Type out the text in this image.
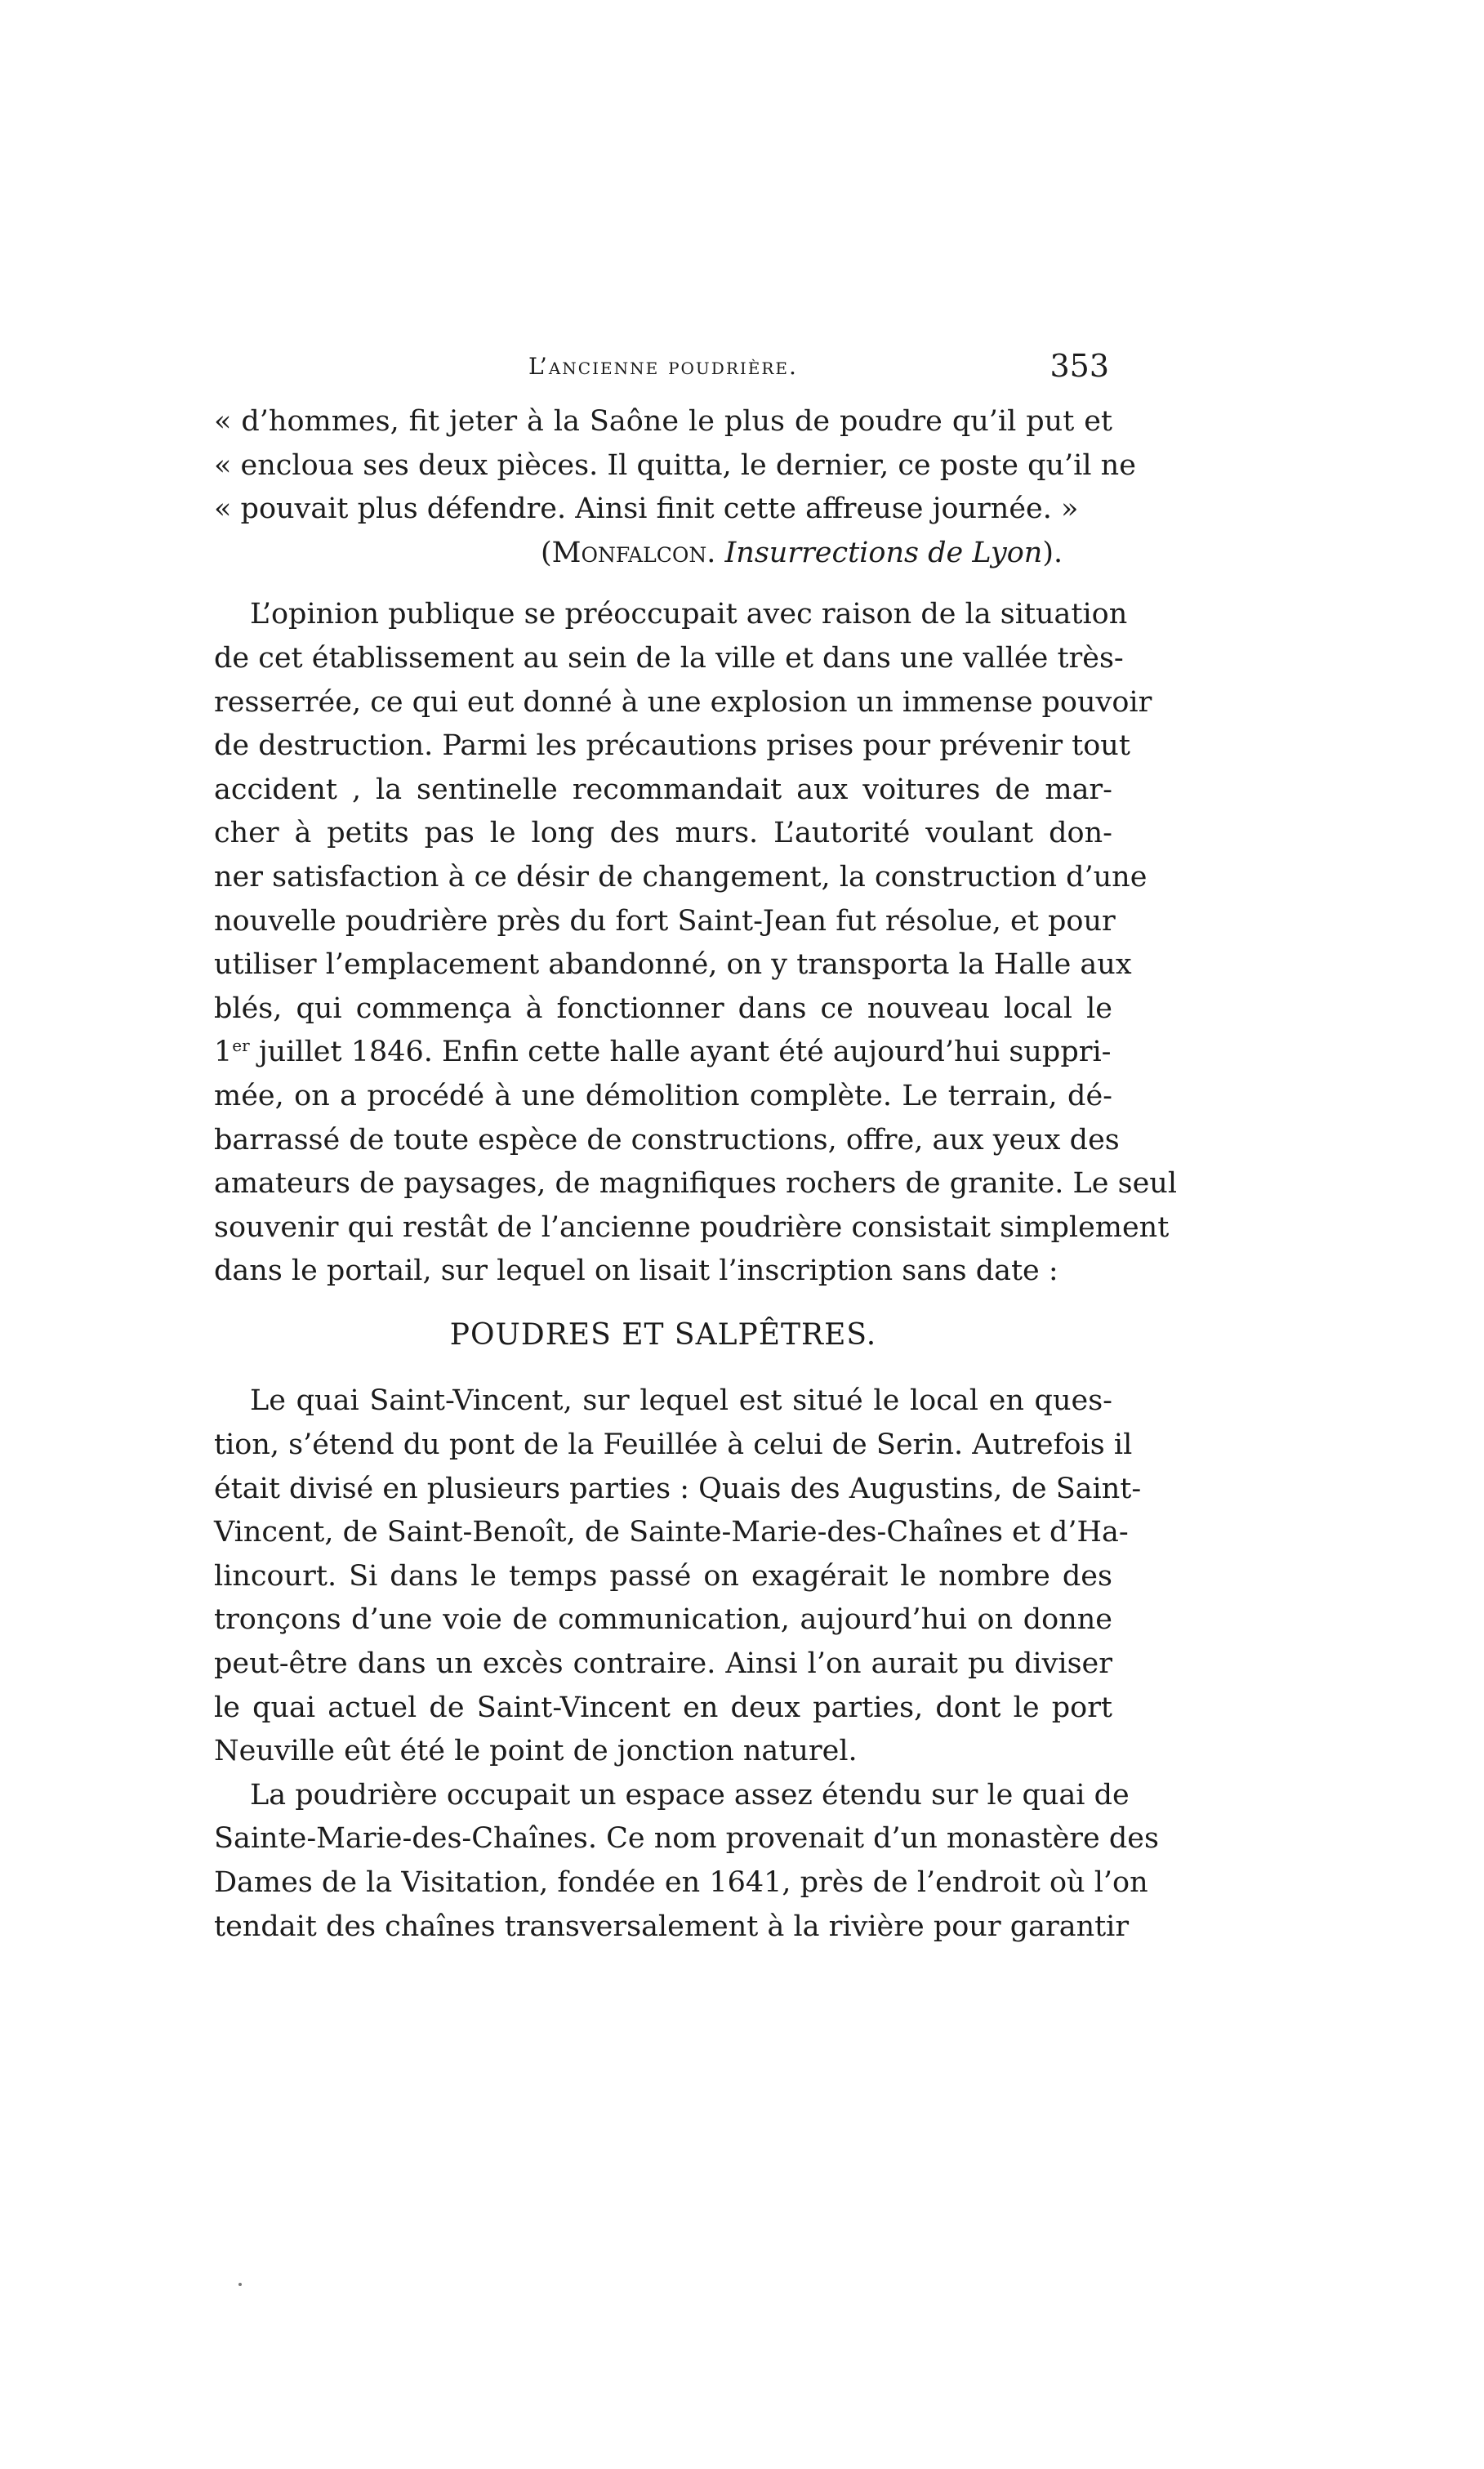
L’ancienne poudrière.	353
« d’hommes, fit jeter à la Saône le plus de poudre qu’il put et
« encloua ses deux pièces. Il quitta, le dernier, ce poste qu’il ne
« pouvait plus défendre. Ainsi finit cette affreuse journée. »
(Monfalcon. Insurrections de Lyon).
L’opinion publique se préoccupait avec raison de la situation
de cet établissement au sein de la ville et dans une vallée très-
resserrée, ce qui eut donné à une explosion un immense pouvoir
de destruction. Parmi les précautions prises pour prévenir tout
accident , la sentinelle recommandait aux voitures de mar-
cher à petits pas le long des murs. L’autorité voulant don-
ner satisfaction à ce désir de changement, la construction d’une
nouvelle poudrière près du fort Saint-Jean fut résolue, et pour
utiliser l’emplacement abandonné, on y transporta la Halle aux
blés, qui commença à fonctionner dans ce nouveau local le
1er juillet 1846. Enfin cette halle ayant été aujourd’hui suppri-
mée, on a procédé à une démolition complète. Le terrain, dé-
barrassé de toute espèce de constructions, offre, aux yeux des
amateurs de paysages, de magnifiques rochers de granite. Le seul
souvenir qui restât de l’ancienne poudrière consistait simplement
dans le portail, sur lequel on lisait l’inscription sans date :
POUDRES ET SALPÊTRES.
Le quai Saint-Vincent, sur lequel est situé le local en ques-
tion, s’étend du pont de la Feuillée à celui de Serin. Autrefois il
était divisé en plusieurs parties : Quais des Augustins, de Saint-
Vincent, de Saint-Benoît, de Sainte-Marie-des-Chaînes et d’Ha-
lincourt. Si dans le temps passé on exagérait le nombre des
tronçons d’une voie de communication, aujourd’hui on donne
peut-être dans un excès contraire. Ainsi l’on aurait pu diviser
le quai actuel de Saint-Vincent en deux parties, dont le port
Neuville eût été le point de jonction naturel.
La poudrière occupait un espace assez étendu sur le quai de
Sainte-Marie-des-Chaînes. Ce nom provenait d’un monastère des
Dames de la Visitation, fondée en 1641, près de l’endroit où l’on
tendait des chaînes transversalement à la rivière pour garantir
